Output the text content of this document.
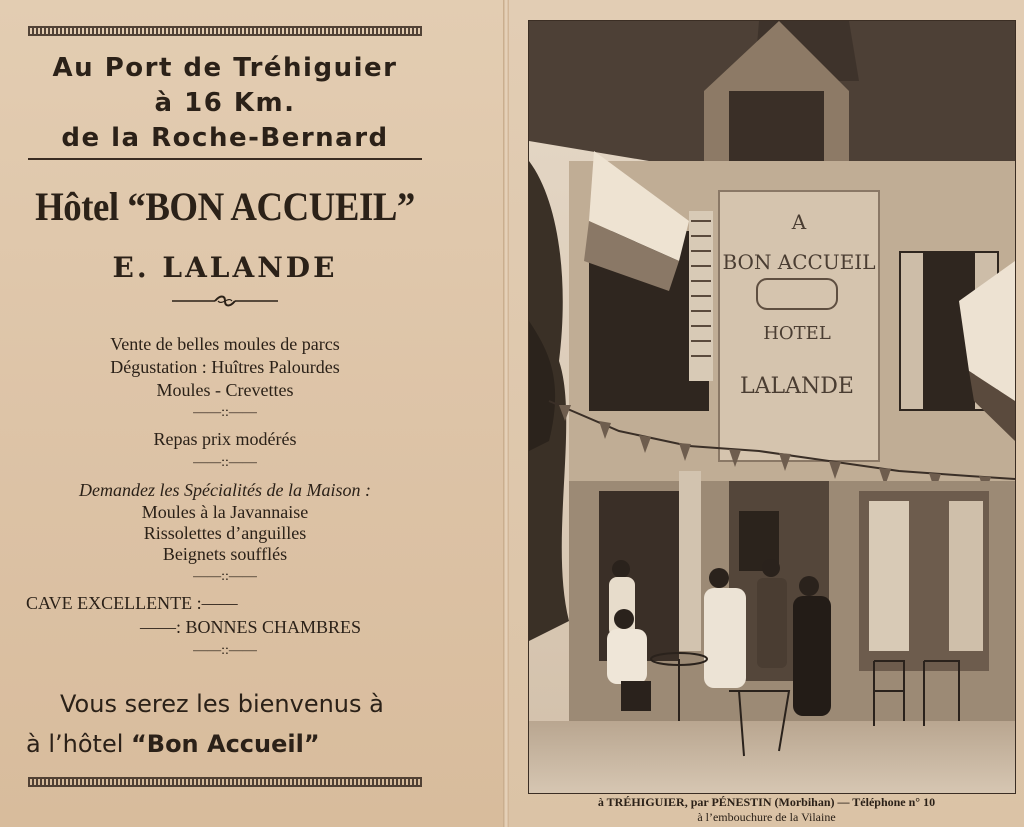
Au Port de Tréhiguier
à 16 Km.
de la Roche-Bernard
Hôtel “BON ACCUEIL”
E. LALANDE
Vente de belles moules de parcs
Dégustation : Huîtres Palourdes
Moules - Crevettes
——::——
Repas prix modérés
——::——
Demandez les Spécialités de la Maison :
Moules à la Javannaise
Rissolettes d’anguilles
Beignets soufflés
——::——
CAVE EXCELLENTE :——
——: BONNES CHAMBRES
——::——
Vous serez les bienvenus à
à l’hôtel “Bon Accueil”
A
BON ACCUEIL
HOTEL
LALANDE
à TRÉHIGUIER, par PÉNESTIN (Morbihan) — Téléphone n° 10
à l’embouchure de la Vilaine
